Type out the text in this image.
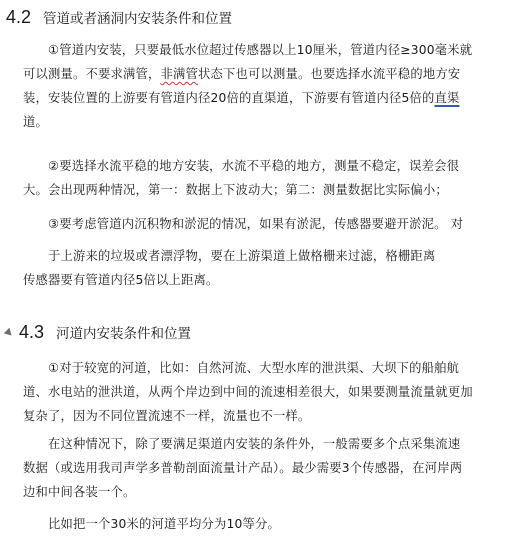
4.2 管道或者涵洞内安装条件和位置
①管道内安装，只要最低水位超过传感器以上10厘米，管道内径≥300毫米就
可以测量。不要求满管，非满管状态下也可以测量。也要选择水流平稳的地方安
装，安装位置的上游要有管道内径20倍的直渠道，下游要有管道内径5倍的直渠
道。
②要选择水流平稳的地方安装，水流不平稳的地方，测量不稳定，误差会很
大。会出现两种情况，第一：数据上下波动大；第二：测量数据比实际偏小；
③要考虑管道内沉积物和淤泥的情况，如果有淤泥，传感器要避开淤泥。 对
于上游来的垃圾或者漂浮物，要在上游渠道上做格栅来过滤，格栅距离
传感器要有管道内径5倍以上距离。
4.3 河道内安装条件和位置
①对于较宽的河道，比如：自然河流、大型水库的泄洪渠、大坝下的船舶航
道、水电站的泄洪道，从两个岸边到中间的流速相差很大，如果要测量流量就更加
复杂了，因为不同位置流速不一样，流量也不一样。
在这种情况下，除了要满足渠道内安装的条件外，一般需要多个点采集流速
数据（或选用我司声学多普勒剖面流量计产品）。最少需要3个传感器，在河岸两
边和中间各装一个。
比如把一个30米的河道平均分为10等分。
